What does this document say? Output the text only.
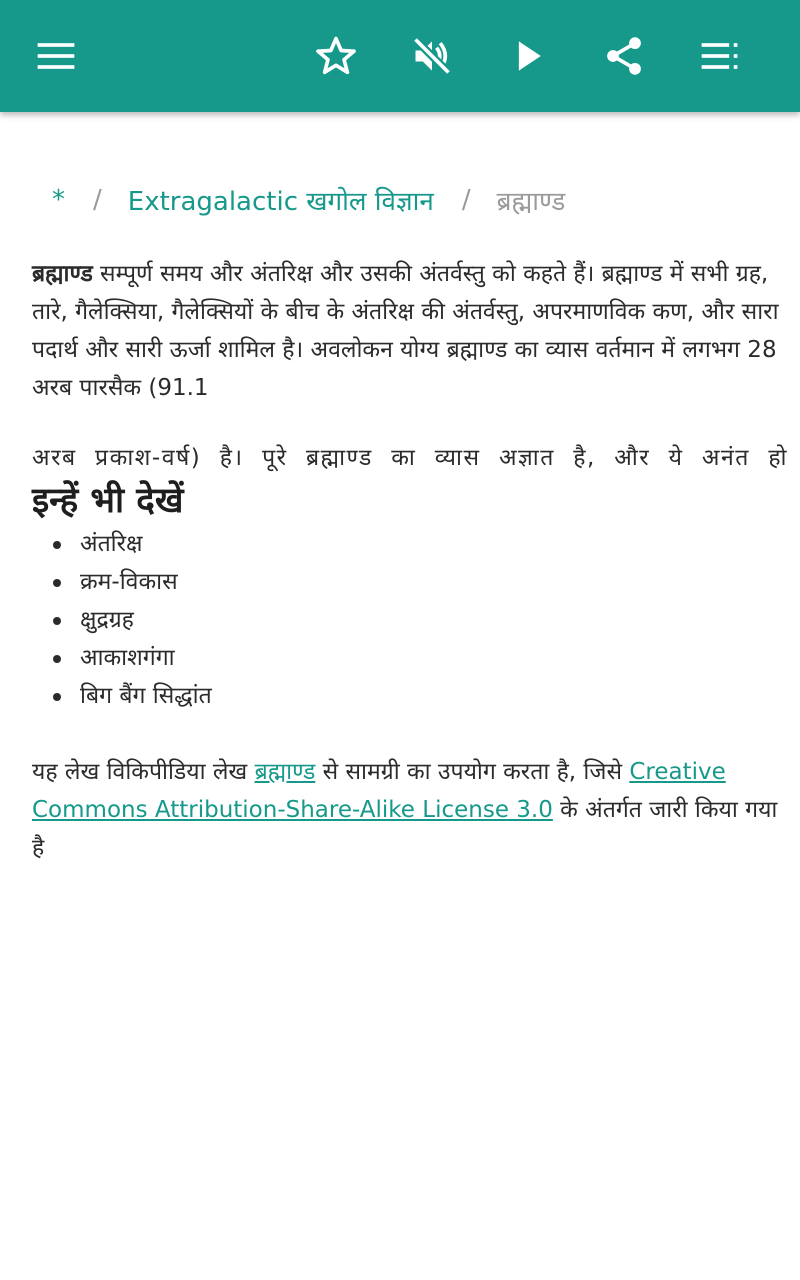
* / Extragalactic खगोल विज्ञान / ब्रह्माण्ड

ब्रह्माण्ड सम्पूर्ण समय और अंतरिक्ष और उसकी अंतर्वस्तु को कहते हैं। ब्रह्माण्ड में सभी ग्रह, तारे, गैलेक्सिया, गैलेक्सियों के बीच के अंतरिक्ष की अंतर्वस्तु, अपरमाणविक कण, और सारा पदार्थ और सारी ऊर्जा शामिल है। अवलोकन योग्य ब्रह्माण्ड का व्यास वर्तमान में लगभग 28 अरब पारसैक (91.1

अरब प्रकाश-वर्ष) है। पूरे ब्रह्माण्ड का व्यास अज्ञात है, और ये अनंत हो

इन्हें भी देखें
अंतरिक्ष
क्रम-विकास
क्षुद्रग्रह
आकाशगंगा
बिग बैंग सिद्धांत

यह लेख विकिपीडिया लेख ब्रह्माण्ड से सामग्री का उपयोग करता है, जिसे Creative Commons Attribution-Share-Alike License 3.0 के अंतर्गत जारी किया गया है
